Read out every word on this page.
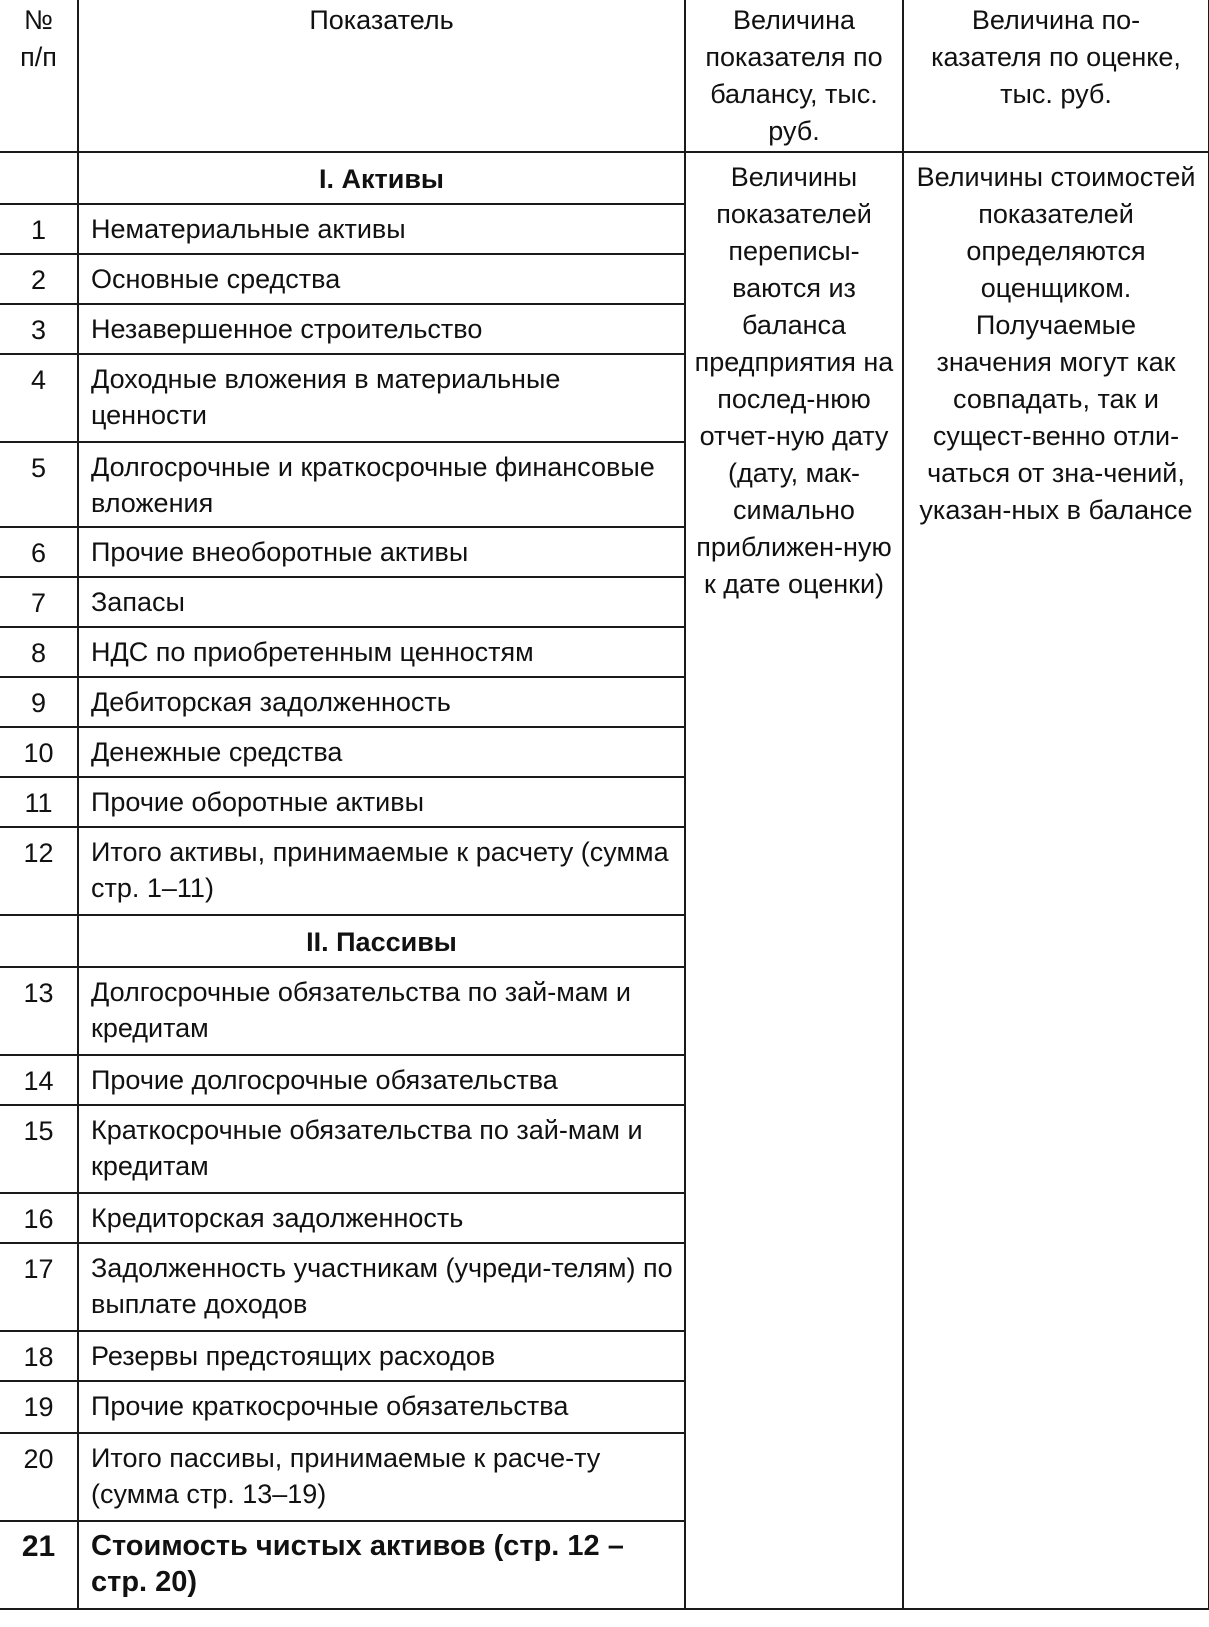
№
п/п	Показатель	Величина показателя по балансу, тыс. руб.	Величина по-казателя по оценке, тыс. руб.
	I. Активы	Величины показателей переписы-ваются из баланса предприятия на послед-нюю отчет-ную дату (дату, мак-симально приближен-ную к дате оценки)	Величины стоимостей показателей определяются оценщиком. Получаемые значения могут как совпадать, так и сущест-венно отли-чаться от зна-чений, указан-ных в балансе
1	Нематериальные активы		
2	Основные средства		
3	Незавершенное строительство		
4	Доходные вложения в материальные ценности		
5	Долгосрочные и краткосрочные финансовые вложения		
6	Прочие внеоборотные активы		
7	Запасы		
8	НДС по приобретенным ценностям		
9	Дебиторская задолженность		
10	Денежные средства		
11	Прочие оборотные активы		
12	Итого активы, принимаемые к расчету (сумма стр. 1–11)		
	II. Пассивы		
13	Долгосрочные обязательства по зай-мам и кредитам		
14	Прочие долгосрочные обязательства		
15	Краткосрочные обязательства по зай-мам и кредитам		
16	Кредиторская задолженность		
17	Задолженность участникам (учреди-телям) по выплате доходов		
18	Резервы предстоящих расходов		
19	Прочие краткосрочные обязательства		
20	Итого пассивы, принимаемые к расче-ту (сумма стр. 13–19)		
21	Стоимость чистых активов (стр. 12 – стр. 20)		
